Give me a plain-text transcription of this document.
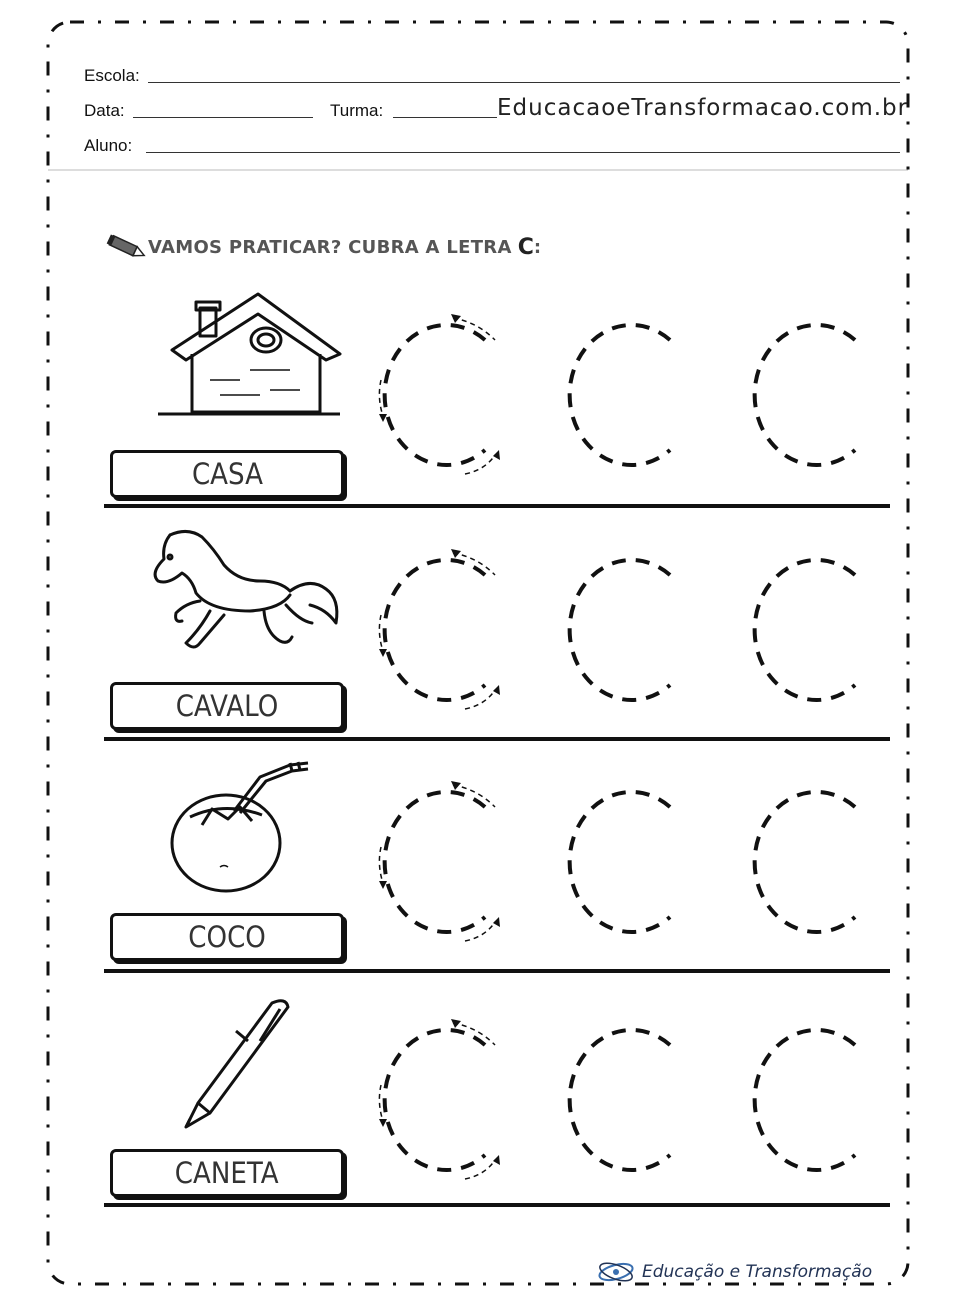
Escola:
Data:	Turma:	EducacaoeTransformacao.com.br
Aluno:
VAMOS PRATICAR? CUBRA A LETRA C :
CASA
CAVALO
COCO
CANETA
Educação e Transformação
